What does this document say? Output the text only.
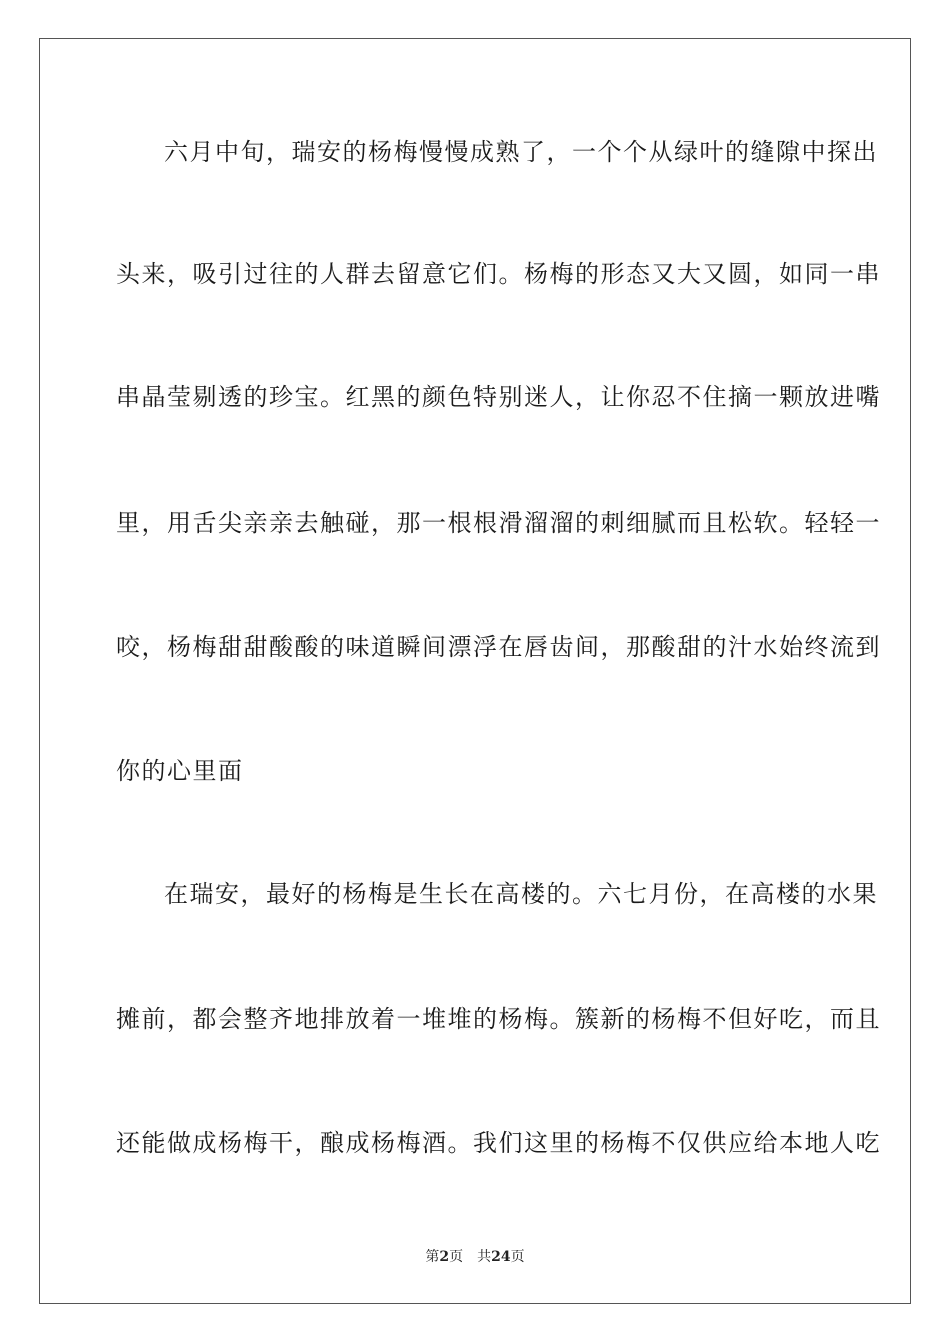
六月中旬，瑞安的杨梅慢慢成熟了，一个个从绿叶的缝隙中探出
头来，吸引过往的人群去留意它们。杨梅的形态又大又圆，如同一串
串晶莹剔透的珍宝。红黑的颜色特别迷人，让你忍不住摘一颗放进嘴
里，用舌尖亲亲去触碰，那一根根滑溜溜的刺细腻而且松软。轻轻一
咬，杨梅甜甜酸酸的味道瞬间漂浮在唇齿间，那酸甜的汁水始终流到
你的心里面
在瑞安，最好的杨梅是生长在高楼的。六七月份，在高楼的水果
摊前，都会整齐地排放着一堆堆的杨梅。簇新的杨梅不但好吃，而且
还能做成杨梅干，酿成杨梅酒。我们这里的杨梅不仅供应给本地人吃
第2页 共24页
